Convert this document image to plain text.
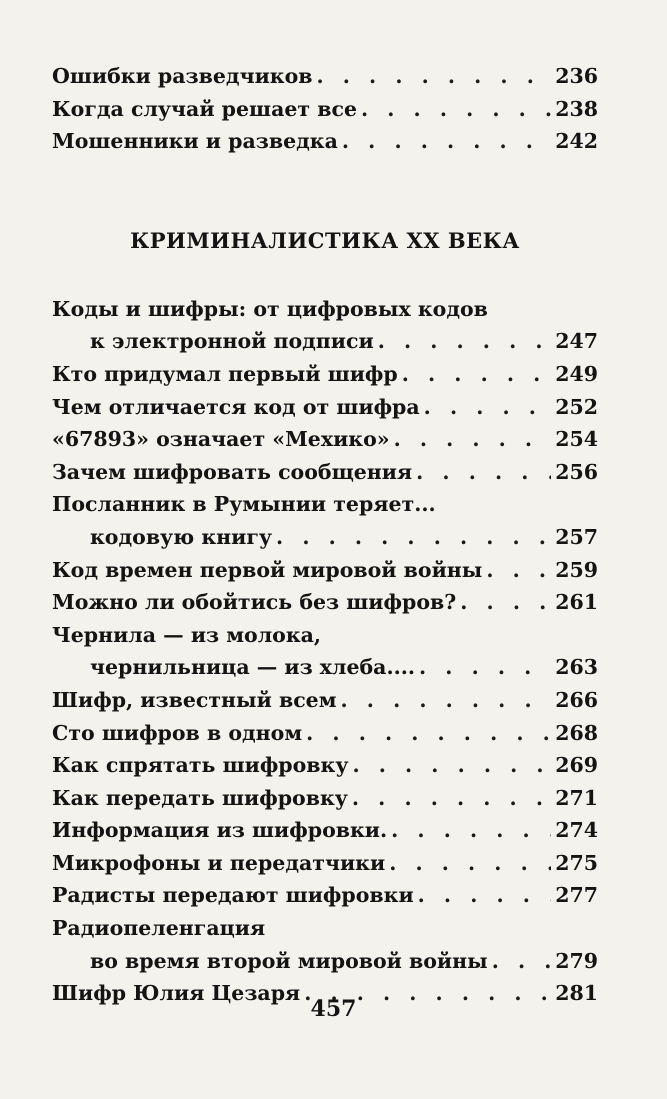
Ошибки разведчиков . . .	236
Когда случай решает все . . .	238
Мошенники и разведка . . .	242
КРИМИНАЛИСТИКА XX ВЕКА
Коды и шифры: от цифровых кодов
к электронной подписи . . .	247
Кто придумал первый шифр . . .	249
Чем отличается код от шифра . . .	252
«67893» означает «Мехико» . . .	254
Зачем шифровать сообщения . . .	256
Посланник в Румынии теряет...
кодовую книгу . . .	257
Код времен первой мировой войны . . .	259
Можно ли обойтись без шифров? . . .	261
Чернила — из молока,
чернильница — из хлеба.... . . .	263
Шифр, известный всем . . .	266
Сто шифров в одном . . .	268
Как спрятать шифровку . . .	269
Как передать шифровку . . .	271
Информация из шифровки. . . .	274
Микрофоны и передатчики . . .	275
Радисты передают шифровки . . .	277
Радиопеленгация
во время второй мировой войны . . .	279
Шифр Юлия Цезаря . . .	281
457
